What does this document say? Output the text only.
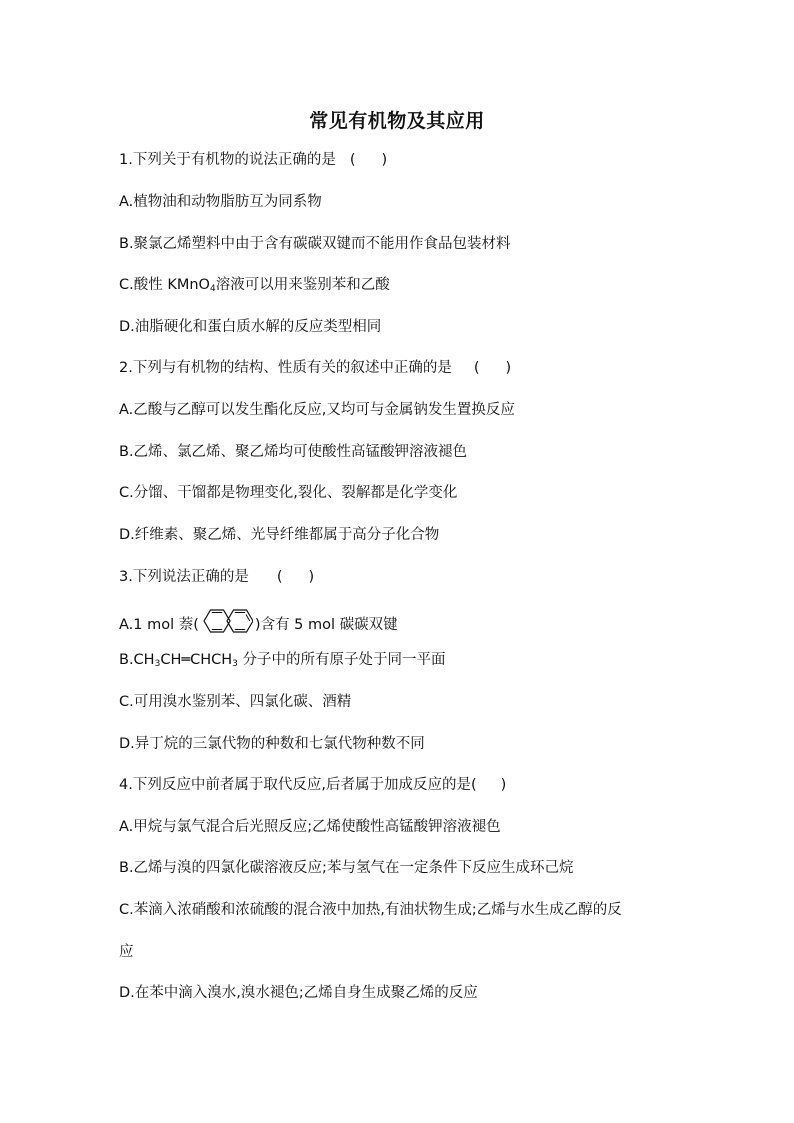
常见有机物及其应用
1.下列关于有机物的说法正确的是 ( )
A.植物油和动物脂肪互为同系物
B.聚氯乙烯塑料中由于含有碳碳双键而不能用作食品包装材料
C.酸性 KMnO$_4$溶液可以用来鉴别苯和乙酸
D.油脂硬化和蛋白质水解的反应类型相同
2.下列与有机物的结构、性质有关的叙述中正确的是 ( )
A.乙酸与乙醇可以发生酯化反应,又均可与金属钠发生置换反应
B.乙烯、氯乙烯、聚乙烯均可使酸性高锰酸钾溶液褪色
C.分馏、干馏都是物理变化,裂化、裂解都是化学变化
D.纤维素、聚乙烯、光导纤维都属于高分子化合物
3.下列说法正确的是 ( )
A.1 mol 萘(	)含有 5 mol 碳碳双键
$B.CH_3CH═CHCH_3$ 分子中的所有原子处于同一平面
C.可用溴水鉴别苯、四氯化碳、酒精
D.异丁烷的三氯代物的种数和七氯代物种数不同
4.下列反应中前者属于取代反应,后者属于加成反应的是( )
A.甲烷与氯气混合后光照反应;乙烯使酸性高锰酸钾溶液褪色
B.乙烯与溴的四氯化碳溶液反应;苯与氢气在一定条件下反应生成环己烷
C.苯滴入浓硝酸和浓硫酸的混合液中加热,有油状物生成;乙烯与水生成乙醇的反
应
D.在苯中滴入溴水,溴水褪色;乙烯自身生成聚乙烯的反应
